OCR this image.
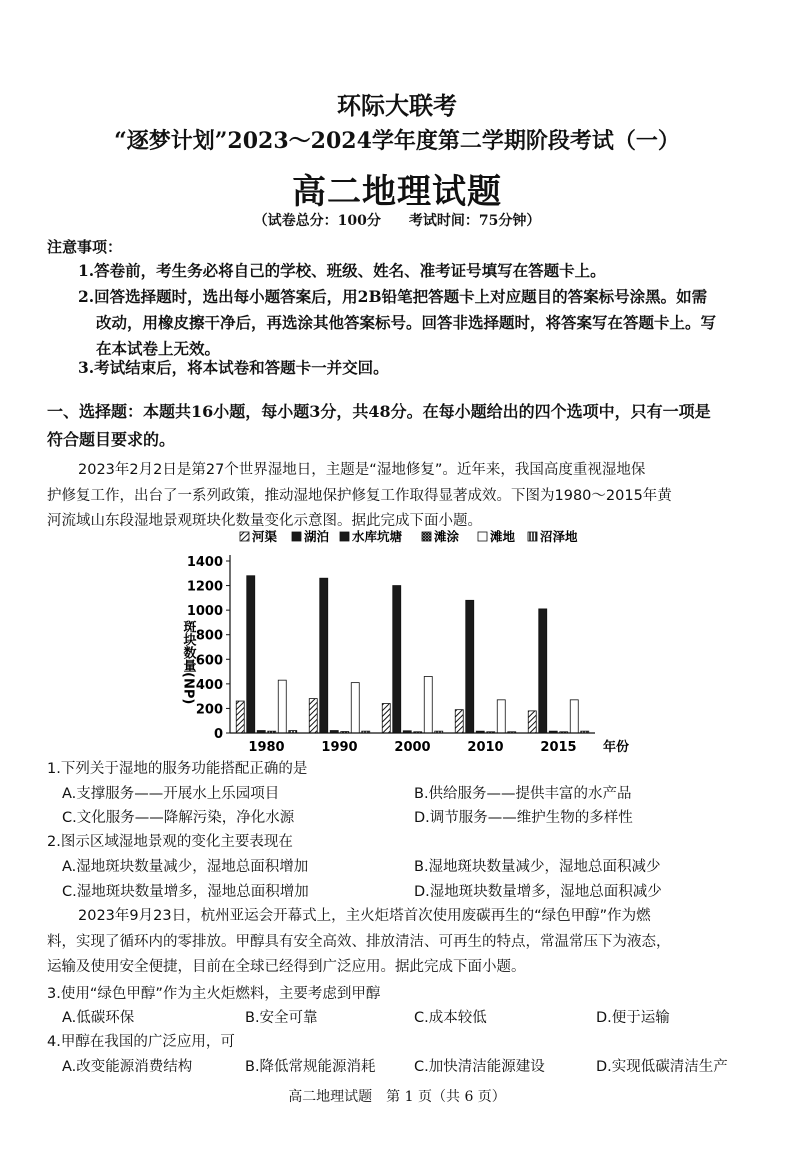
环际大联考
“逐梦计划”2023～2024学年度第二学期阶段考试（一）
高二地理试题
（试卷总分：100分　　考试时间：75分钟）
注意事项：
1.答卷前，考生务必将自己的学校、班级、姓名、准考证号填写在答题卡上。
2.回答选择题时，选出每小题答案后，用2B铅笔把答题卡上对应题目的答案标号涂黑。如需
改动，用橡皮擦干净后，再选涂其他答案标号。回答非选择题时，将答案写在答题卡上。写
在本试卷上无效。
3.考试结束后，将本试卷和答题卡一并交回。
一、选择题：本题共16小题，每小题3分，共48分。在每小题给出的四个选项中，只有一项是
符合题目要求的。
2023年2月2日是第27个世界湿地日，主题是“湿地修复”。近年来，我国高度重视湿地保
护修复工作，出台了一系列政策，推动湿地保护修复工作取得显著成效。下图为1980～2015年黄
河流域山东段湿地景观斑块化数量变化示意图。据此完成下面小题。
河渠 湖泊 水库坑塘	滩涂 滩地 沼泽地
1400
1200
1000
800
600
400
200
0
斑块数量(NP)
1980	1990	2000	2010	2015 年份
1.下列关于湿地的服务功能搭配正确的是
A.支撑服务——开展水上乐园项目	B.供给服务——提供丰富的水产品
C.文化服务——降解污染，净化水源	D.调节服务——维护生物的多样性
2.图示区域湿地景观的变化主要表现在
A.湿地斑块数量减少，湿地总面积增加	B.湿地斑块数量减少，湿地总面积减少
C.湿地斑块数量增多，湿地总面积增加	D.湿地斑块数量增多，湿地总面积减少
2023年9月23日，杭州亚运会开幕式上，主火炬塔首次使用废碳再生的“绿色甲醇”作为燃
料，实现了循环内的零排放。甲醇具有安全高效、排放清洁、可再生的特点，常温常压下为液态，
运输及使用安全便捷，目前在全球已经得到广泛应用。据此完成下面小题。
3.使用“绿色甲醇”作为主火炬燃料，主要考虑到甲醇
A.低碳环保	B.安全可靠	C.成本较低	D.便于运输
4.甲醇在我国的广泛应用，可
A.改变能源消费结构	B.降低常规能源消耗	C.加快清洁能源建设	D.实现低碳清洁生产
高二地理试题　第 1 页（共 6 页）
